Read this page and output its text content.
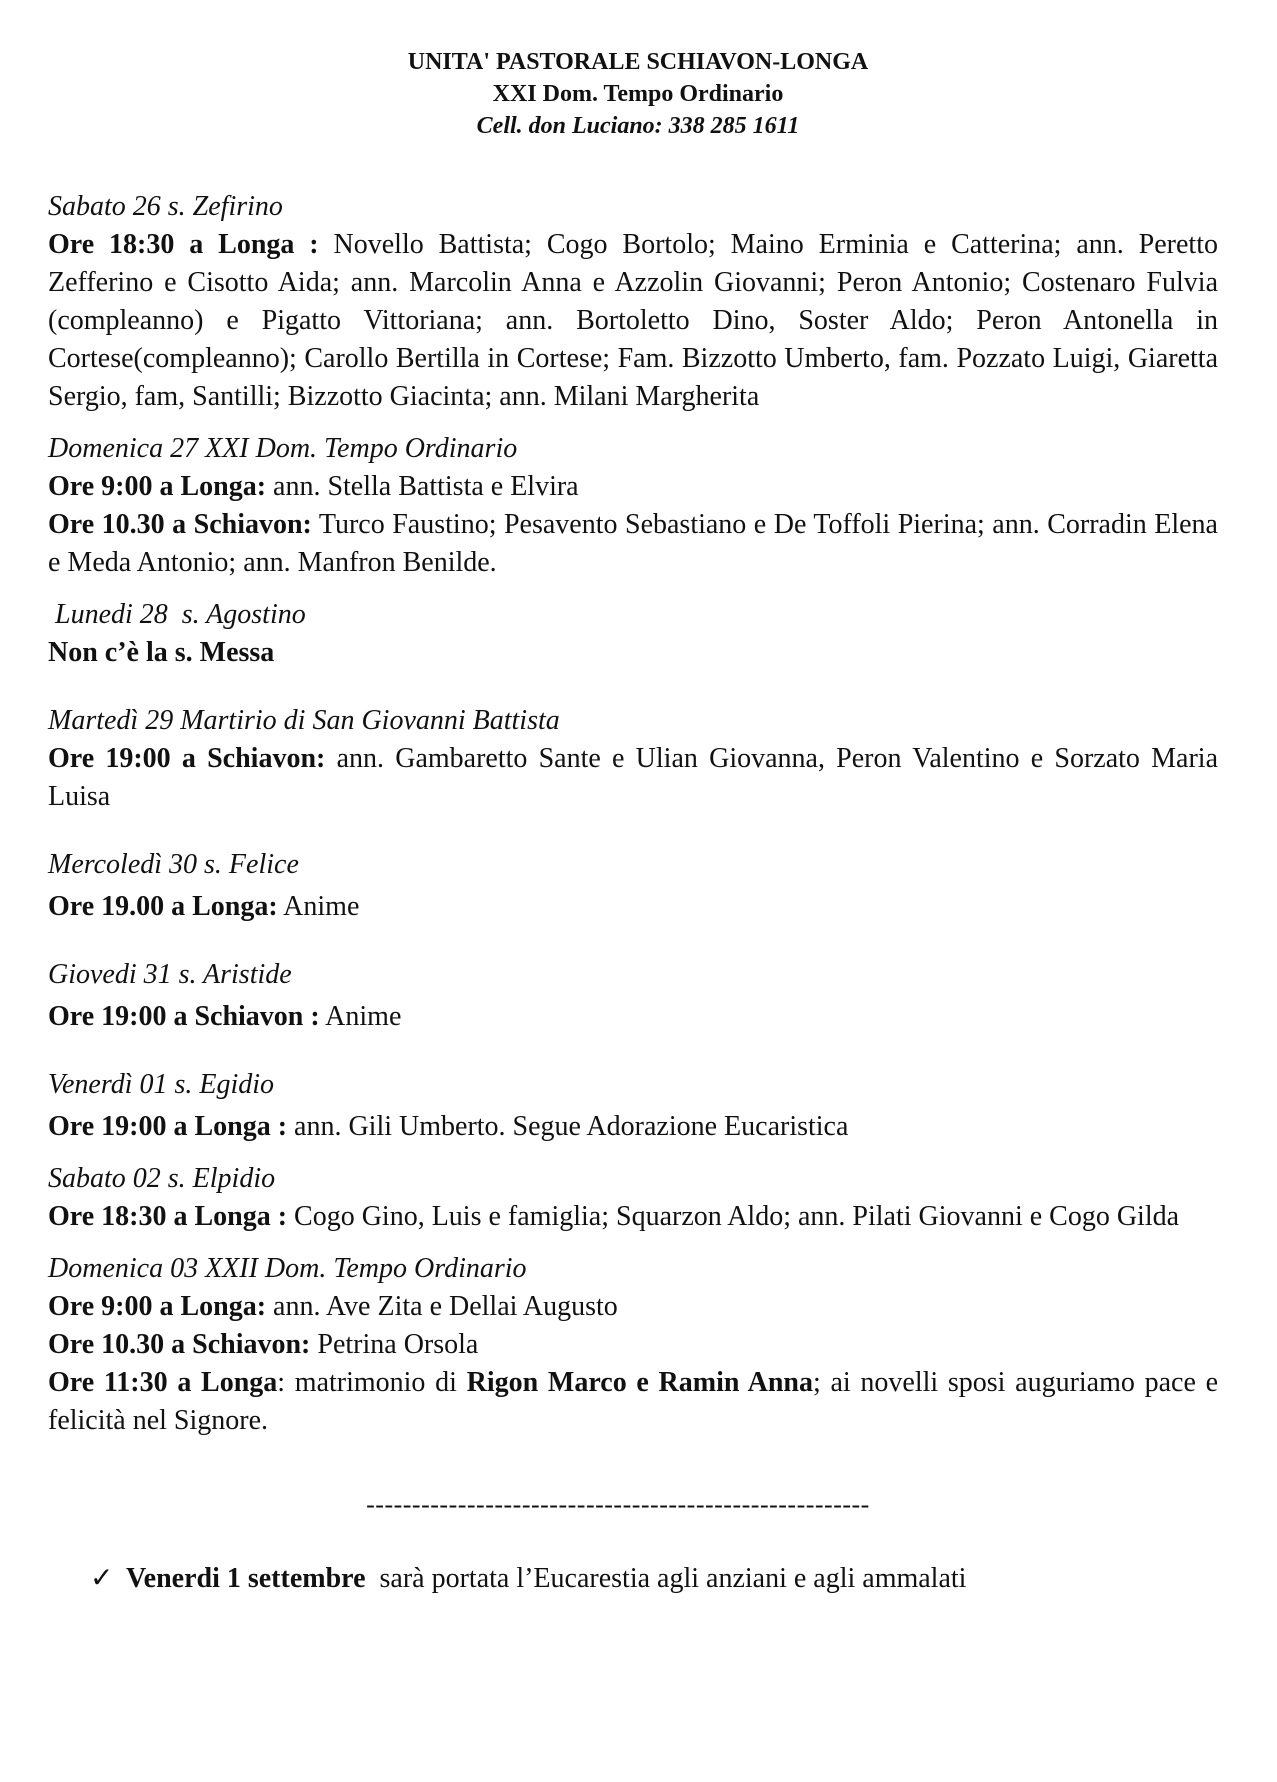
UNITA' PASTORALE SCHIAVON-LONGA
XXI Dom. Tempo Ordinario
Cell. don Luciano: 338 285 1611
Sabato 26 s. Zefirino
Ore 18:30 a Longa : Novello Battista; Cogo Bortolo; Maino Erminia e Catterina; ann. Peretto Zefferino e Cisotto Aida; ann. Marcolin Anna e Azzolin Giovanni; Peron Antonio; Costenaro Fulvia (compleanno) e Pigatto Vittoriana; ann. Bortoletto Dino, Soster Aldo; Peron Antonella in Cortese(compleanno); Carollo Bertilla in Cortese; Fam. Bizzotto Umberto, fam. Pozzato Luigi, Giaretta Sergio, fam, Santilli; Bizzotto Giacinta; ann. Milani Margherita
Domenica 27 XXI Dom. Tempo Ordinario
Ore 9:00 a Longa: ann. Stella Battista e Elvira
Ore 10.30 a Schiavon: Turco Faustino; Pesavento Sebastiano e De Toffoli Pierina; ann. Corradin Elena e Meda Antonio; ann. Manfron Benilde.
Lunedi 28  s. Agostino
Non c’è la s. Messa
Martedì 29 Martirio di San Giovanni Battista
Ore 19:00 a Schiavon: ann. Gambaretto Sante e Ulian Giovanna, Peron Valentino e Sorzato Maria Luisa
Mercoledì 30 s. Felice
Ore 19.00 a Longa: Anime
Giovedi 31 s. Aristide
Ore 19:00 a Schiavon : Anime
Venerdì 01 s. Egidio
Ore 19:00 a Longa : ann. Gili Umberto. Segue Adorazione Eucaristica
Sabato 02 s. Elpidio
Ore 18:30 a Longa : Cogo Gino, Luis e famiglia; Squarzon Aldo; ann. Pilati Giovanni e Cogo Gilda
Domenica 03 XXII Dom. Tempo Ordinario
Ore 9:00 a Longa: ann. Ave Zita e Dellai Augusto
Ore 10.30 a Schiavon: Petrina Orsola
Ore 11:30 a Longa: matrimonio di Rigon Marco e Ramin Anna; ai novelli sposi auguriamo pace e felicità nel Signore.
-------------------------------------------------------
✓ Venerdi 1 settembre  sarà portata l’Eucarestia agli anziani e agli ammalati
